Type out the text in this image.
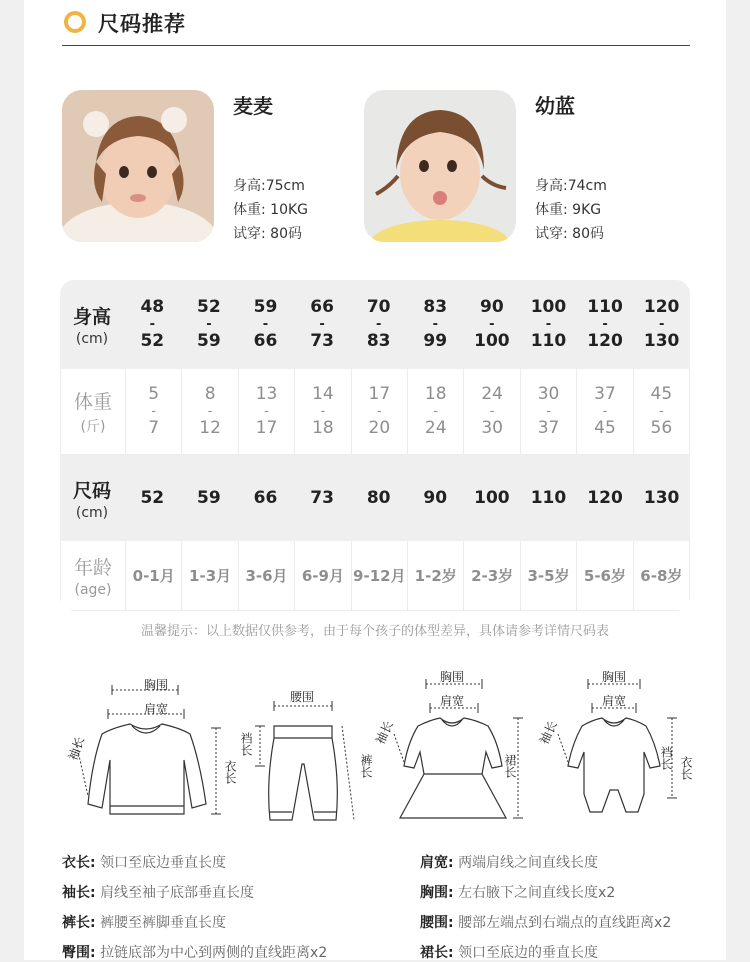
尺码推荐
麦麦
身高:75cm
体重: 10KG
试穿: 80码
幼蓝
身高:74cm
体重: 9KG
试穿: 80码
身高
(cm)
48
-
52
52
-
59
59
-
66
66
-
73
70
-
83
83
-
99
90
-
100
100
-
110
110
-
120
120
-
130
体重
(斤)
5
-
7
8
-
12
13
-
17
14
-
18
17
-
20
18
-
24
24
-
30
30
-
37
37
-
45
45
-
56
尺码
(cm)
52 59 66 73 80 90 100 110 120 130
年龄
(age)
0-1月 1-3月 3-6月 6-9月 9-12月 1-2岁 2-3岁 3-5岁 5-6岁 6-8岁
温馨提示：以上数据仅供参考，由于每个孩子的体型差异，具体请参考详情尺码表
胸围
肩宽
袖长
衣长
腰围
裆长
裤长
胸围
肩宽
袖长
裙长
胸围
肩宽
袖长
裆长 衣长
衣长: 领口至底边垂直长度
袖长: 肩线至袖子底部垂直长度
裤长: 裤腰至裤脚垂直长度
臀围: 拉链底部为中心到两侧的直线距离x2
肩宽: 两端肩线之间直线长度
胸围: 左右腋下之间直线长度x2
腰围: 腰部左端点到右端点的直线距离x2
裙长: 领口至底边的垂直长度
